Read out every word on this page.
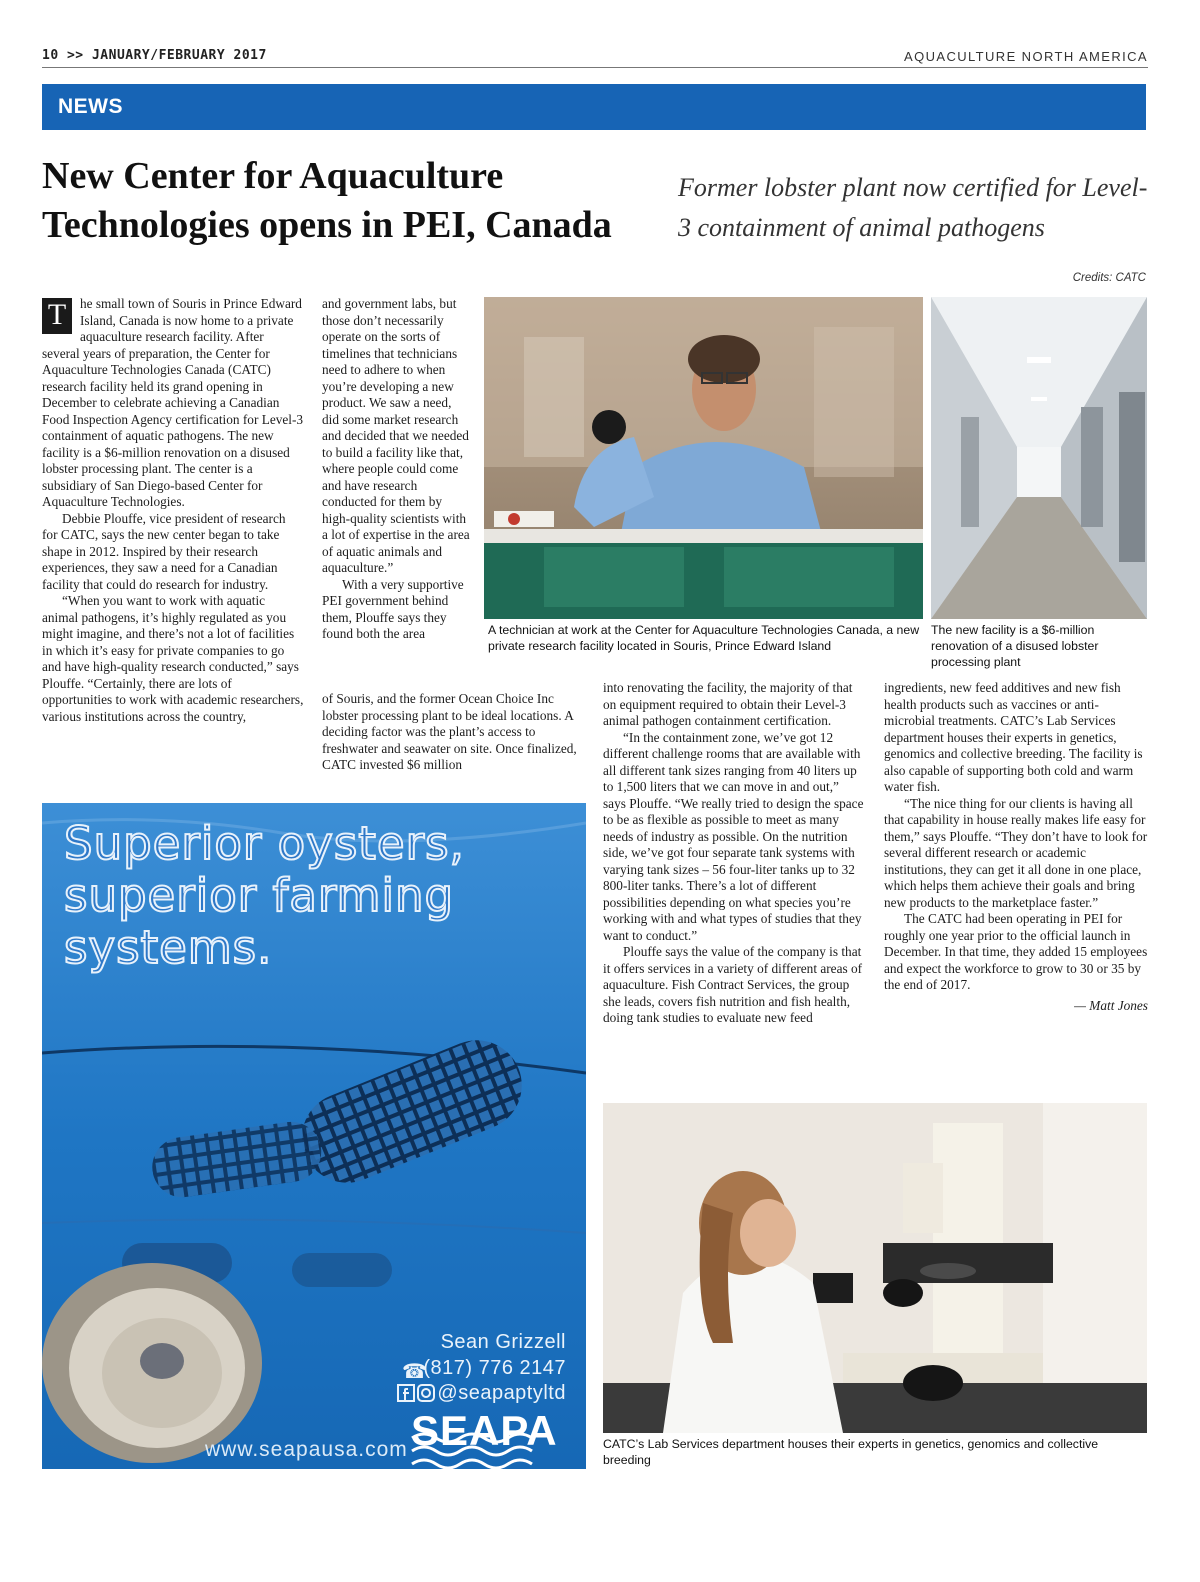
10 >> JANUARY/FEBRUARY 2017	AQUACULTURE NORTH AMERICA
NEWS
New Center for Aquaculture Technologies opens in PEI, Canada
Former lobster plant now certified for Level-3 containment of animal pathogens
Credits: CATC
T	he small town of Souris in Prince Edward Island, Canada is now home to a private aquaculture research facility. After several years of preparation, the Center for Aquaculture Technologies Canada (CATC) research facility held its grand opening in December to celebrate achieving a Canadian Food Inspection Agency certification for Level-3 containment of aquatic pathogens. The new facility is a $6-million renovation on a disused lobster processing plant. The center is a subsidiary of San Diego-based Center for Aquaculture Technologies.

Debbie Plouffe, vice president of research for CATC, says the new center began to take shape in 2012. Inspired by their research experiences, they saw a need for a Canadian facility that could do research for industry.

“When you want to work with aquatic animal pathogens, it’s highly regulated as you might imagine, and there’s not a lot of facilities in which it’s easy for private companies to go and have high-quality research conducted,” says Plouffe. “Certainly, there are lots of opportunities to work with academic researchers, various institutions across the country,

and government labs, but those don’t necessarily operate on the sorts of timelines that technicians need to adhere to when you’re developing a new product. We saw a need, did some market research and decided that we needed to build a facility like that, where people could come and have research conducted for them by high-quality scientists with a lot of expertise in the area of aquatic animals and aquaculture.”

With a very supportive PEI government behind them, Plouffe says they found both the area

of Souris, and the former Ocean Choice Inc lobster processing plant to be ideal locations. A deciding factor was the plant’s access to freshwater and seawater on site. Once finalized, CATC invested $6 million

A technician at work at the Center for Aquaculture Technologies Canada, a new private research facility located in Souris, Prince Edward Island
The new facility is a $6-million renovation of a disused lobster processing plant

into renovating the facility, the majority of that on equipment required to obtain their Level-3 animal pathogen containment certification.

“In the containment zone, we’ve got 12 different challenge rooms that are available with all different tank sizes ranging from 40 liters up to 1,500 liters that we can move in and out,” says Plouffe. “We really tried to design the space to be as flexible as possible to meet as many needs of industry as possible. On the nutrition side, we’ve got four separate tank systems with varying tank sizes – 56 four-liter tanks up to 32 800-liter tanks. There’s a lot of different possibilities depending on what species you’re working with and what types of studies that they want to conduct.”

Plouffe says the value of the company is that it offers services in a variety of different areas of aquaculture. Fish Contract Services, the group she leads, covers fish nutrition and fish health, doing tank studies to evaluate new feed

ingredients, new feed additives and new fish health products such as vaccines or anti-microbial treatments. CATC’s Lab Services department houses their experts in genetics, genomics and collective breeding. The facility is also capable of supporting both cold and warm water fish.

“The nice thing for our clients is having all that capability in house really makes life easy for them,” says Plouffe. “They don’t have to look for several different research or academic institutions, they can get it all done in one place, which helps them achieve their goals and bring new products to the marketplace faster.”

The CATC had been operating in PEI for roughly one year prior to the official launch in December. In that time, they added 15 employees and expect the workforce to grow to 30 or 35 by the end of 2017.

— Matt Jones
CATC’s Lab Services department houses their experts in genetics, genomics and collective breeding
Superior oysters,
superior farming
systems.
Sean Grizzell
☎
(817) 776 2147
@seapaptyltd
SEAPA
www.seapausa.com
